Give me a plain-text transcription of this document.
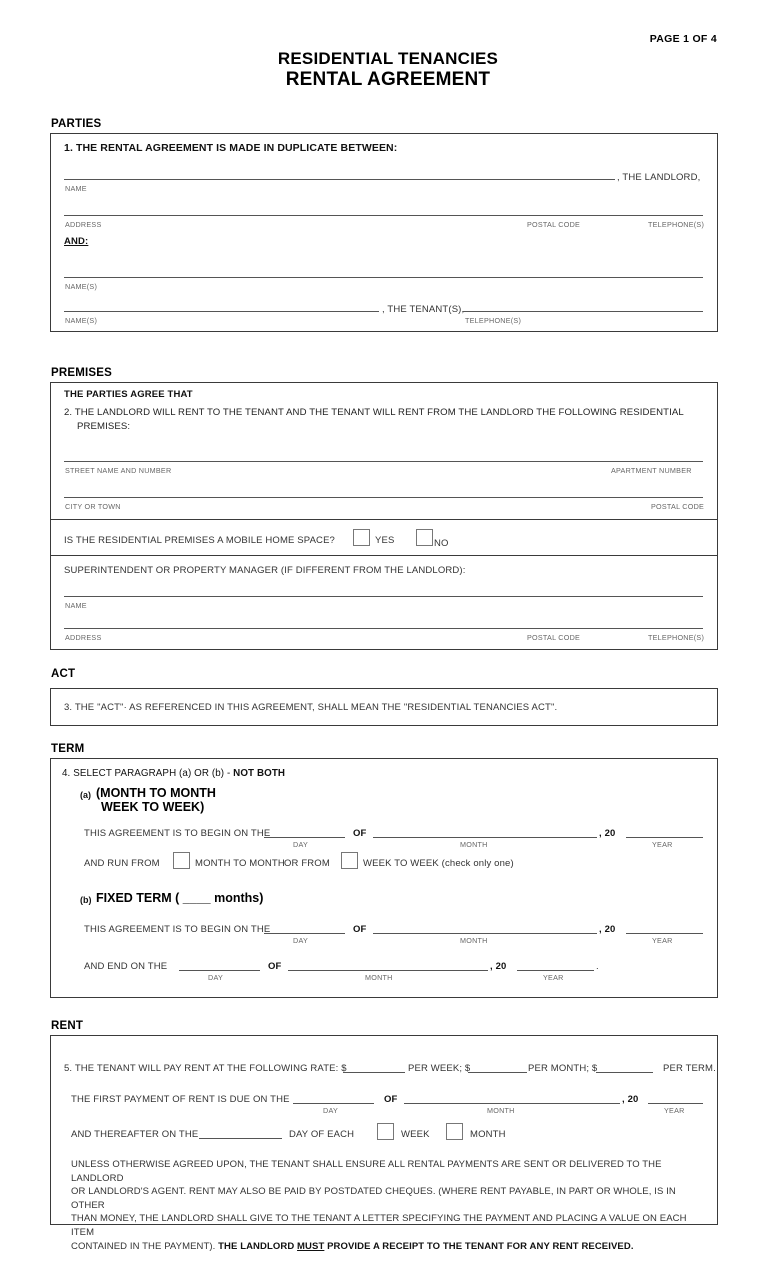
PAGE 1 OF 4
RESIDENTIAL TENANCIES
RENTAL AGREEMENT
PARTIES
1. THE RENTAL AGREEMENT IS MADE IN DUPLICATE BETWEEN:
, THE LANDLORD,
NAME
ADDRESS	POSTAL CODE	TELEPHONE(S)
AND:
NAME(S)
, THE TENANT(S),
NAME(S)	TELEPHONE(S)
PREMISES
THE PARTIES AGREE THAT
2. THE LANDLORD WILL RENT TO THE TENANT AND THE TENANT WILL RENT FROM THE LANDLORD THE FOLLOWING RESIDENTIAL
PREMISES:
STREET NAME AND NUMBER	APARTMENT NUMBER
CITY OR TOWN	POSTAL CODE
IS THE RESIDENTIAL PREMISES A MOBILE HOME SPACE?	YES	NO
SUPERINTENDENT OR PROPERTY MANAGER (IF DIFFERENT FROM THE LANDLORD):
NAME
ADDRESS	POSTAL CODE	TELEPHONE(S)
ACT
3. THE "ACT"· AS REFERENCED IN THIS AGREEMENT, SHALL MEAN THE "RESIDENTIAL TENANCIES ACT".
TERM
4. SELECT PARAGRAPH (a) OR (b) - NOT BOTH
(a) (MONTH TO MONTH
WEEK TO WEEK)
THIS AGREEMENT IS TO BEGIN ON THE
DAY
OF
MONTH
, 20
YEAR
AND RUN FROM	MONTH TO MONTH OR FROM	WEEK TO WEEK (check only one)
(b) FIXED TERM ( ____ months)
THIS AGREEMENT IS TO BEGIN ON THE
DAY
OF
MONTH
, 20
YEAR
AND END ON THE
DAY
OF
MONTH
, 20
YEAR
.
RENT
5. THE TENANT WILL PAY RENT AT THE FOLLOWING RATE: $	PER WEEK; $	PER MONTH; $	PER TERM.
THE FIRST PAYMENT OF RENT IS DUE ON THE
DAY
OF
MONTH
, 20
YEAR
AND THEREAFTER ON THE	DAY OF EACH	WEEK	MONTH
UNLESS OTHERWISE AGREED UPON, THE TENANT SHALL ENSURE ALL RENTAL PAYMENTS ARE SENT OR DELIVERED TO THE LANDLORD
OR LANDLORD'S AGENT. RENT MAY ALSO BE PAID BY POSTDATED CHEQUES. (WHERE RENT PAYABLE, IN PART OR WHOLE, IS IN OTHER
THAN MONEY, THE LANDLORD SHALL GIVE TO THE TENANT A LETTER SPECIFYING THE PAYMENT AND PLACING A VALUE ON EACH ITEM
CONTAINED IN THE PAYMENT). THE LANDLORD MUST PROVIDE A RECEIPT TO THE TENANT FOR ANY RENT RECEIVED.
